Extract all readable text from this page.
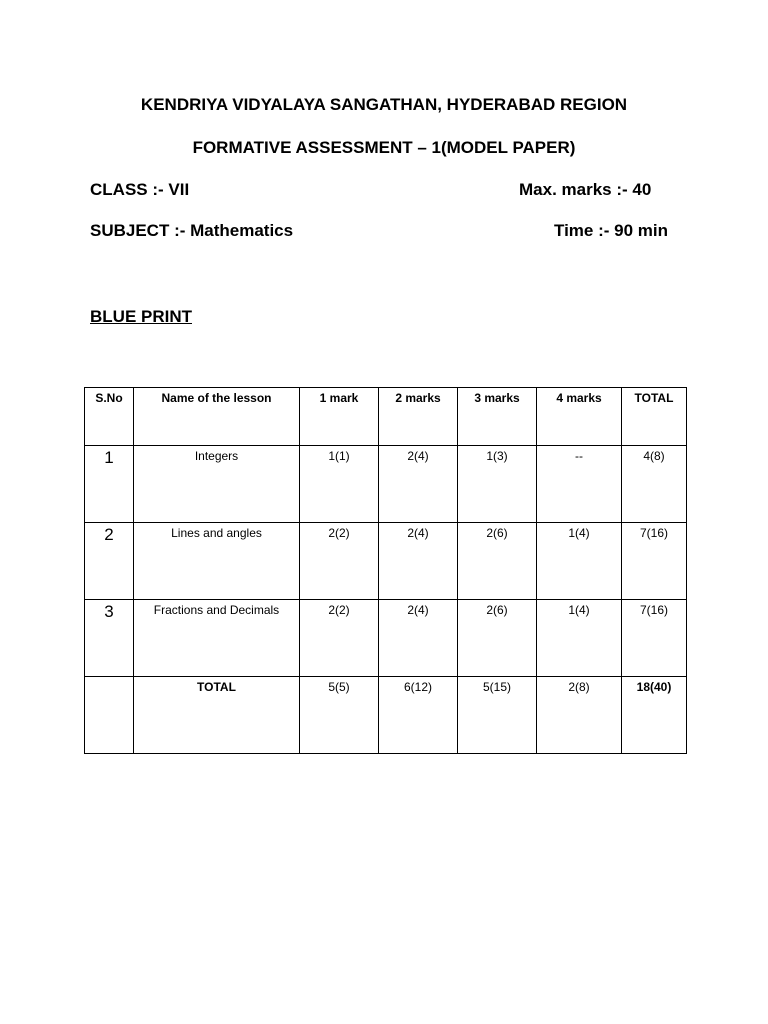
KENDRIYA VIDYALAYA SANGATHAN, HYDERABAD REGION
FORMATIVE ASSESSMENT – 1(MODEL PAPER)
CLASS :- VII	Max. marks :- 40
SUBJECT :- Mathematics	Time :- 90 min
BLUE PRINT
S.No	Name of the lesson	1 mark	2 marks	3 marks	4 marks	TOTAL
1	Integers	1(1)	2(4)	1(3)	--	4(8)
2	Lines and angles	2(2)	2(4)	2(6)	1(4)	7(16)
3	Fractions and Decimals	2(2)	2(4)	2(6)	1(4)	7(16)
	TOTAL	5(5)	6(12)	5(15)	2(8)	18(40)
